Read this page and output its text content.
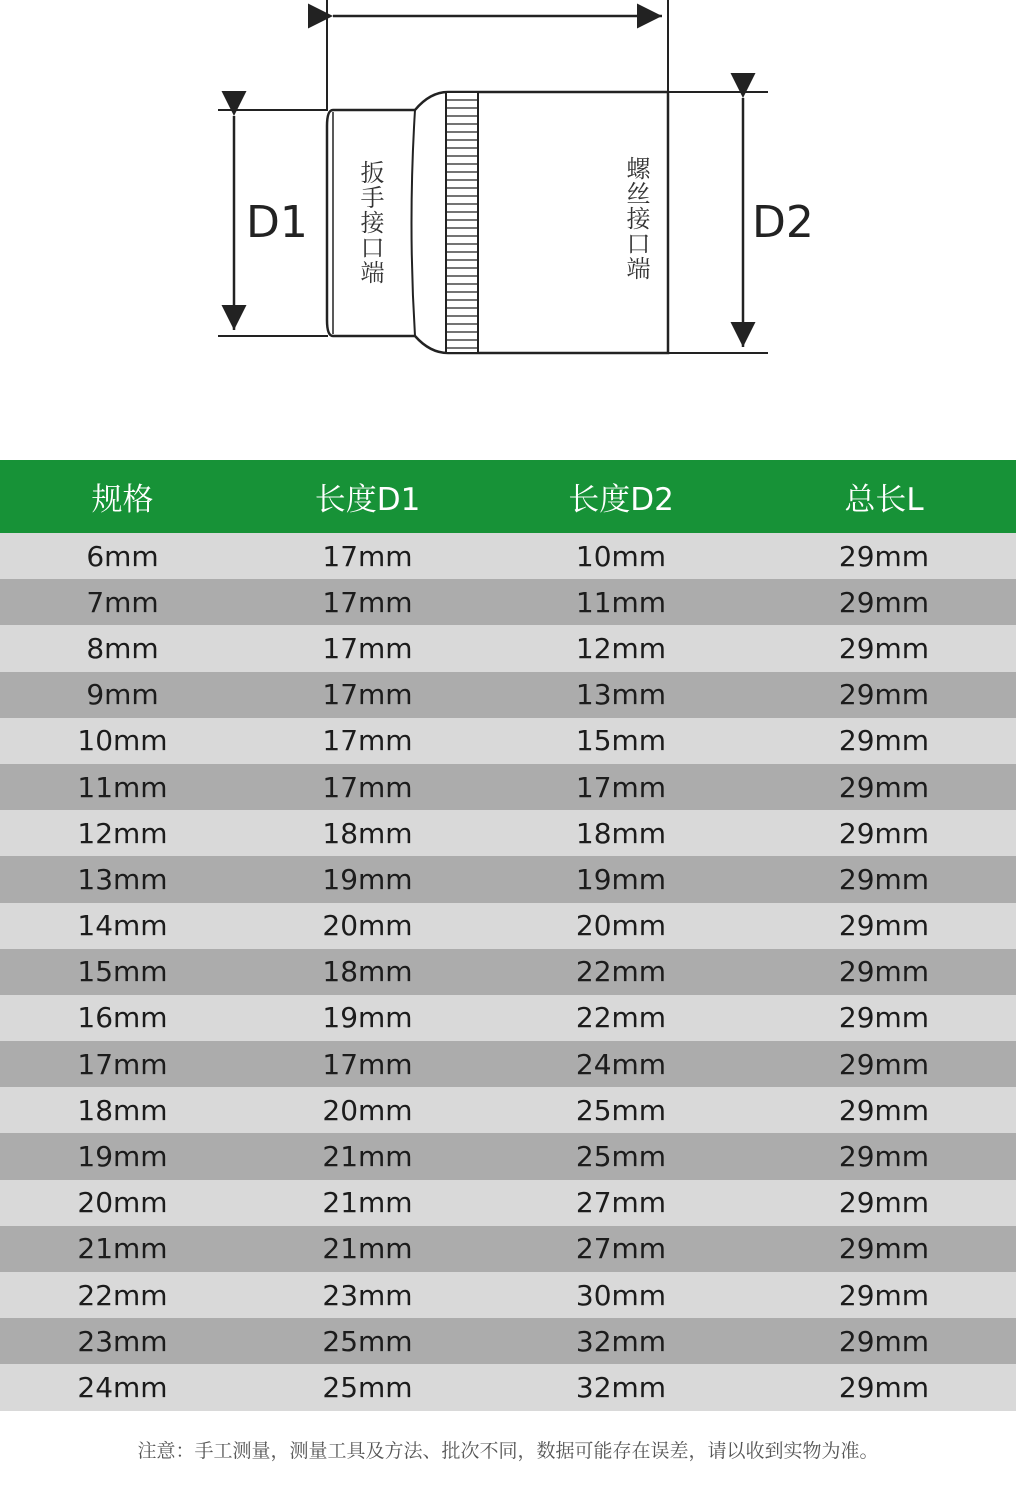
D1	D2
扳手接口端	螺丝接口端
规格	长度D1	长度D2	总长L
6mm	17mm	10mm	29mm
7mm	17mm	11mm	29mm
8mm	17mm	12mm	29mm
9mm	17mm	13mm	29mm
10mm	17mm	15mm	29mm
11mm	17mm	17mm	29mm
12mm	18mm	18mm	29mm
13mm	19mm	19mm	29mm
14mm	20mm	20mm	29mm
15mm	18mm	22mm	29mm
16mm	19mm	22mm	29mm
17mm	17mm	24mm	29mm
18mm	20mm	25mm	29mm
19mm	21mm	25mm	29mm
20mm	21mm	27mm	29mm
21mm	21mm	27mm	29mm
22mm	23mm	30mm	29mm
23mm	25mm	32mm	29mm
24mm	25mm	32mm	29mm
注意：手工测量，测量工具及方法、批次不同，数据可能存在误差，请以收到实物为准。
